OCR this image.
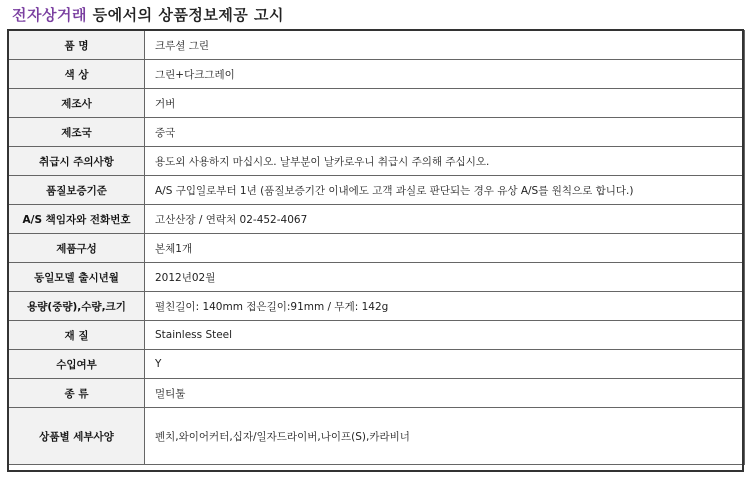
전자상거래 등에서의 상품정보제공 고시
품 명	크루셜 그린
색 상	그린+다크그레이
제조사	거버
제조국	중국
취급시 주의사항	용도외 사용하지 마십시오. 날부분이 날카로우니 취급시 주의해 주십시오.
품질보증기준	A/S 구입일로부터 1년 (품질보증기간 이내에도 고객 과실로 판단되는 경우 유상 A/S를 원칙으로 합니다.)
A/S 책임자와 전화번호	고산산장 / 연락처 02-452-4067
제품구성	본체1개
동일모델 출시년월	2012년02월
용량(중량),수량,크기	펼친길이: 140mm 접은길이:91mm / 무게: 142g
재 질	Stainless Steel
수입여부	Y
종 류	멀티툴
상품별 세부사양	펜치,와이어커터,십자/일자드라이버,나이프(S),카라비너
